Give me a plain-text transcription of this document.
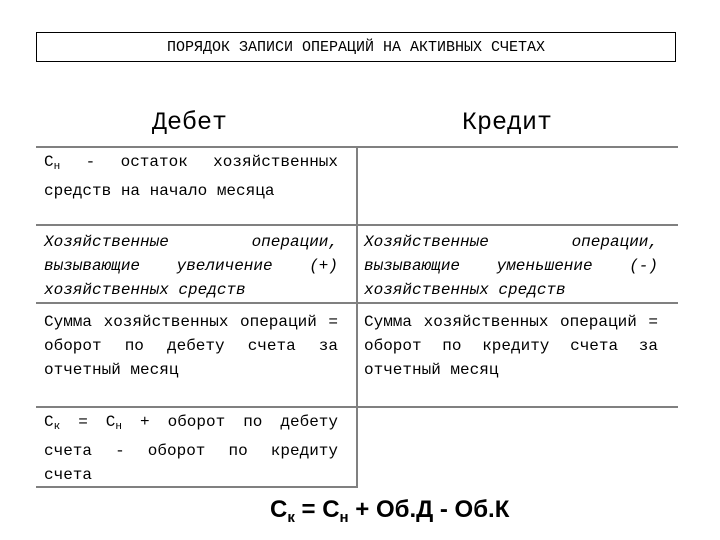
ПОРЯДОК ЗАПИСИ ОПЕРАЦИЙ НА АКТИВНЫХ СЧЕТАХ
Дебет	Кредит
$С_н$ - остаток хозяйственных средств на начало месяца
Хозяйственные операции, вызывающие увеличение (+) хозяйственных средств
Хозяйственные операции, вызывающие уменьшение (-) хозяйственных средств
Сумма хозяйственных операций = оборот по дебету счета за отчетный месяц
Сумма хозяйственных операций = оборот по кредиту счета за отчетный месяц
$С_к = С_н$ + оборот по дебету счета - оборот по кредиту счета
$С_к = С_н + Об.Д - Об.К$
